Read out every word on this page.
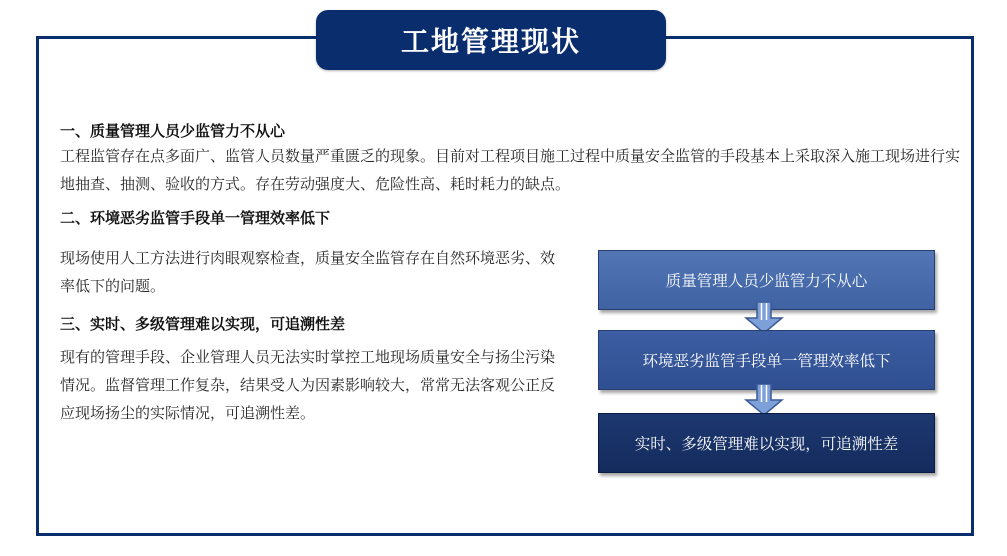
工地管理现状
一、质量管理人员少监管力不从心
工程监管存在点多面广、监管人员数量严重匮乏的现象。目前对工程项目施工过程中质量安全监管的手段基本上采取深入施工现场进行实地抽查、抽测、验收的方式。存在劳动强度大、危险性高、耗时耗力的缺点。
二、环境恶劣监管手段单一管理效率低下
现场使用人工方法进行肉眼观察检查，质量安全监管存在自然环境恶劣、效率低下的问题。
三、实时、多级管理难以实现，可追溯性差
现有的管理手段、企业管理人员无法实时掌控工地现场质量安全与扬尘污染情况。监督管理工作复杂，结果受人为因素影响较大，常常无法客观公正反应现场扬尘的实际情况，可追溯性差。
质量管理人员少监管力不从心
环境恶劣监管手段单一管理效率低下
实时、多级管理难以实现，可追溯性差
